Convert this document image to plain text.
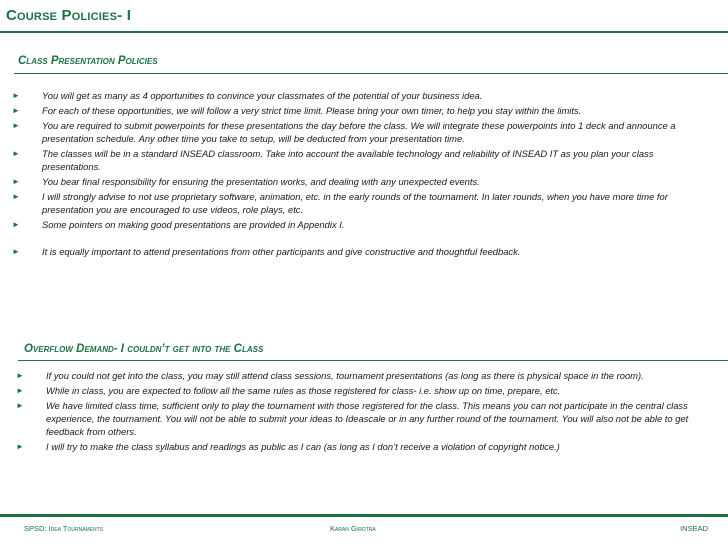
Course Policies- I
Class Presentation Policies
► You will get as many as 4 opportunities to convince your classmates of the potential of your business idea.
► For each of these opportunities, we will follow a very strict time limit. Please bring your own timer, to help you stay within the limits.
► You are required to submit powerpoints for these presentations the day before the class. We will integrate these powerpoints into 1 deck and announce a presentation schedule. Any other time you take to setup, will be deducted from your presentation time.
► The classes will be in a standard INSEAD classroom. Take into account the available technology and reliability of INSEAD IT as you plan your class presentations.
► You bear final responsibility for ensuring the presentation works, and dealing with any unexpected events.
► I will strongly advise to not use proprietary software, animation, etc. in the early rounds of the tournament. In later rounds, when you have more time for presentation you are encouraged to use videos, role plays, etc.
► Some pointers on making good presentations are provided in Appendix I.
► It is equally important to attend presentations from other participants and give constructive and thoughtful feedback.
Overflow Demand- I couldn’t get into the Class
► If you could not get into the class, you may still attend class sessions, tournament presentations (as long as there is physical space in the room).
► While in class, you are expected to follow all the same rules as those registered for class- i.e. show up on time, prepare, etc.
► We have limited class time, sufficient only to play the tournament with those registered for the class. This means you can not participate in the central class experience, the tournament. You will not be able to submit your ideas to Ideascale or in any further round of the tournament. You will also not be able to get feedback from others.
► I will try to make the class syllabus and readings as public as I can (as long as I don’t receive a violation of copyright notice.)
SPSD: Idea Tournaments	Karan Girotra	INSEAD
